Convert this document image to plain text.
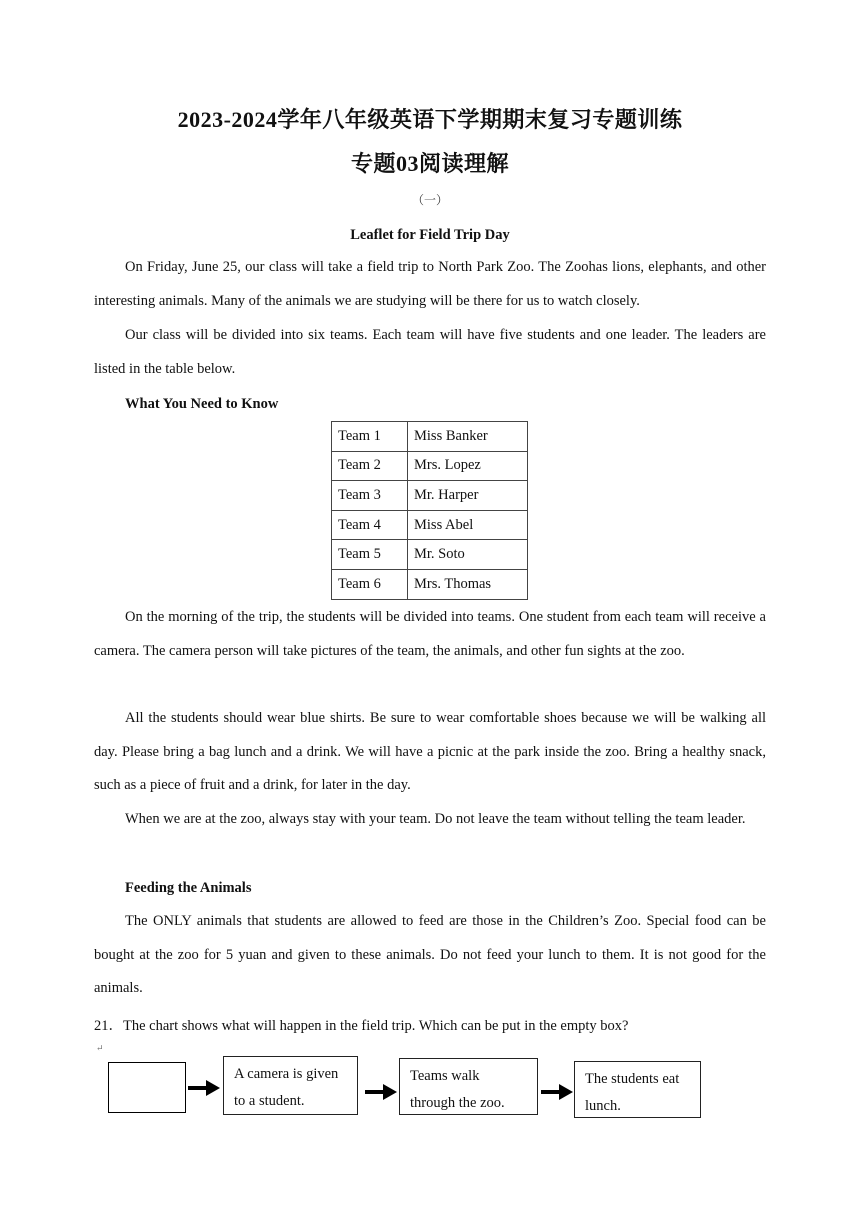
2023-2024学年八年级英语下学期期末复习专题训练
专题03阅读理解
（一）
Leaflet for Field Trip Day
On Friday, June 25, our class will take a field trip to North Park Zoo. The Zoohas lions, elephants, and other interesting animals. Many of the animals we are studying will be there for us to watch closely.
Our class will be divided into six teams. Each team will have five students and one leader. The leaders are listed in the table below.
What You Need to Know
Team 1	Miss Banker
Team 2	Mrs. Lopez
Team 3	Mr. Harper
Team 4	Miss Abel
Team 5	Mr. Soto
Team 6	Mrs. Thomas
On the morning of the trip, the students will be divided into teams. One student from each team will receive a camera. The camera person will take pictures of the team, the animals, and other fun sights at the zoo.
All the students should wear blue shirts. Be sure to wear comfortable shoes because we will be walking all day. Please bring a bag lunch and a drink. We will have a picnic at the park inside the zoo. Bring a healthy snack, such as a piece of fruit and a drink, for later in the day.
When we are at the zoo, always stay with your team. Do not leave the team without telling the team leader.
Feeding the Animals
The ONLY animals that students are allowed to feed are those in the Children’s Zoo. Special food can be bought at the zoo for 5 yuan and given to these animals. Do not feed your lunch to them. It is not good for the animals.
21．The chart shows what will happen in the field trip. Which can be put in the empty box?
↵
A camera is given to a student.
Teams walk through the zoo.
The students eat lunch.
